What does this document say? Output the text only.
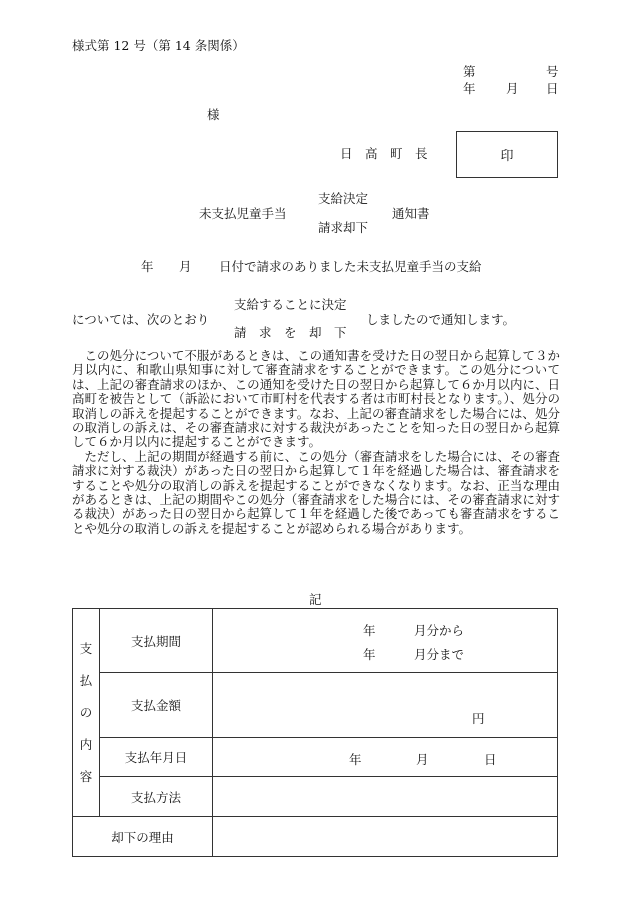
様式第 12 号（第 14 条関係）
第	号
年 月 日
様
日　高　町　長	印
支給決定
未支払児童手当	通知書
請求却下
年 月 日付で請求のありました未支払児童手当の支給
支給することに決定
については、次のとおり	しましたので通知します。
請　求　を　却　下

この処分について不服があるときは、この通知書を受けた日の翌日から起算して３か月以内に、和歌山県知事に対して審査請求をすることができます。この処分については、上記の審査請求のほか、この通知を受けた日の翌日から起算して６か月以内に、日高町を被告として（訴訟において市町村を代表する者は市町村長となります。）、処分の取消しの訴えを提起することができます。なお、上記の審査請求をした場合には、処分の取消しの訴えは、その審査請求に対する裁決があったことを知った日の翌日から起算して６か月以内に提起することができます。

ただし、上記の期間が経過する前に、この処分（審査請求をした場合には、その審査請求に対する裁決）があった日の翌日から起算して１年を経過した場合は、審査請求をすることや処分の取消しの訴えを提起することができなくなります。なお、正当な理由があるときは、上記の期間やこの処分（審査請求をした場合には、その審査請求に対する裁決）があった日の翌日から起算して１年を経過した後であっても審査請求をすることや処分の取消しの訴えを提起することが認められる場合があります。

記
支
払
の
内
容	支払期間	年 月分から
年 月分まで

	支払金額	円

	支払年月日	年 月 日

	支払方法	
却下の理由		
